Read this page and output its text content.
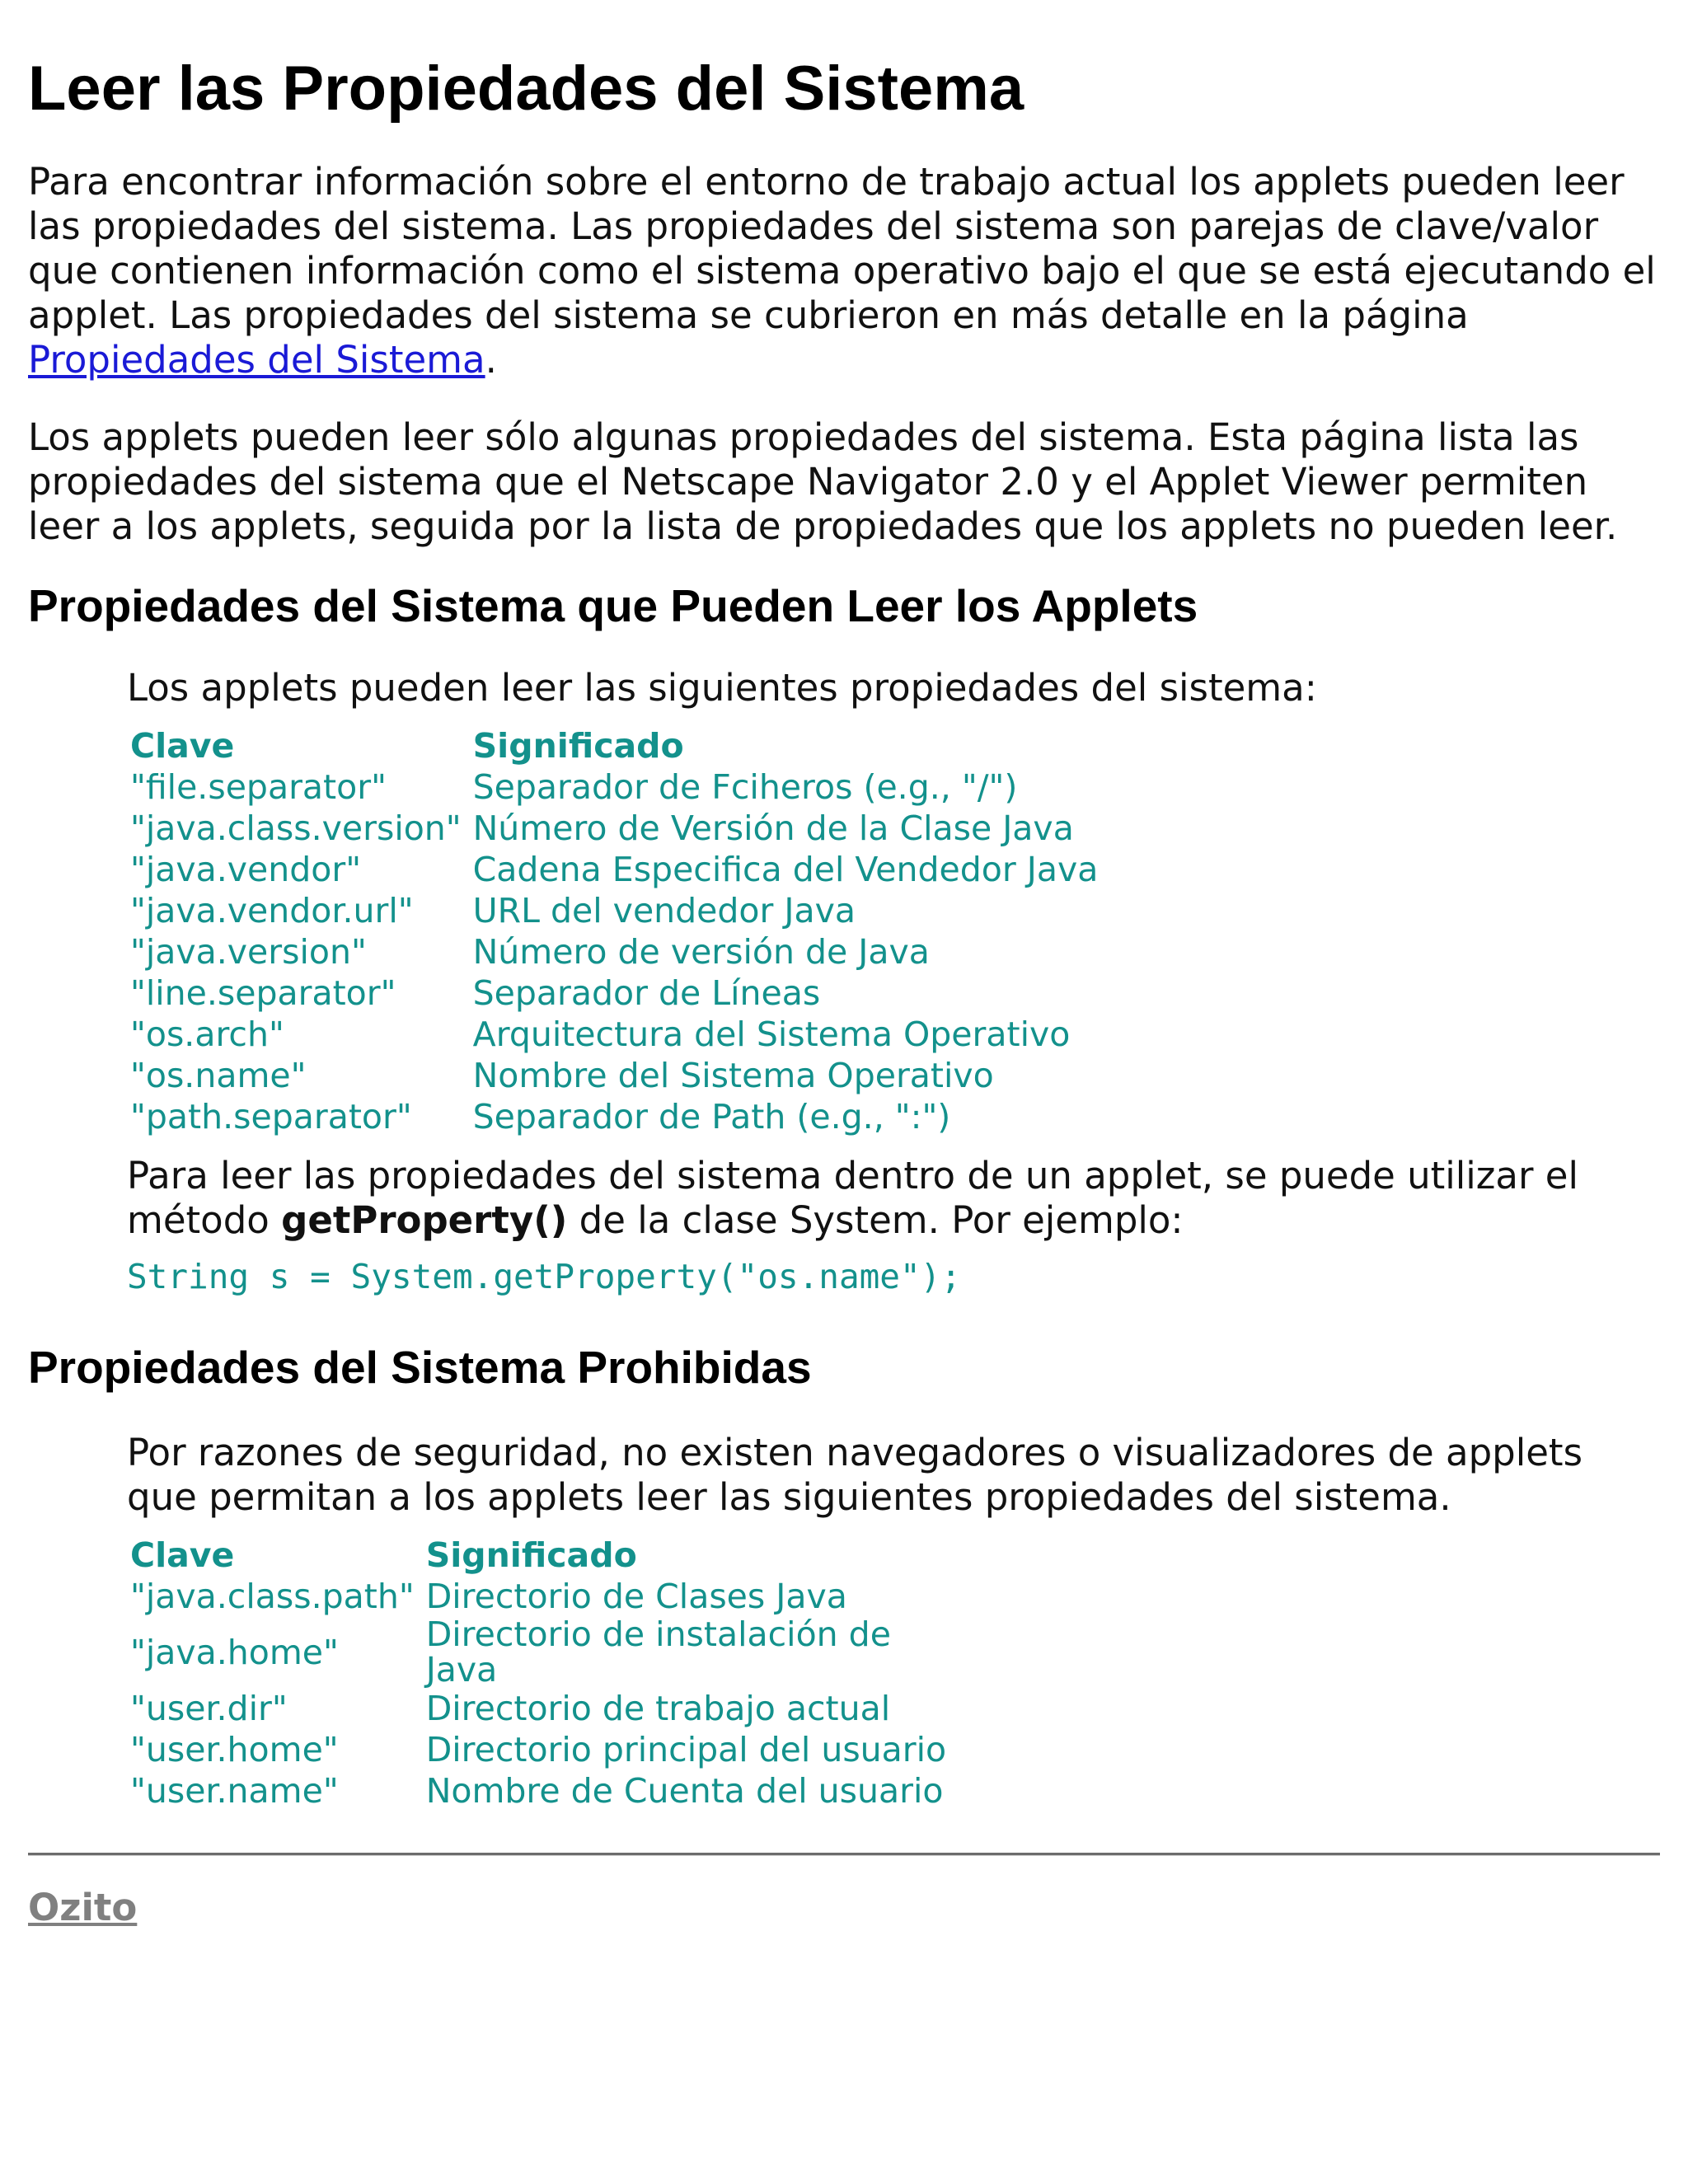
Leer las Propiedades del Sistema

Para encontrar información sobre el entorno de trabajo actual los applets pueden leer las propiedades del sistema. Las propiedades del sistema son parejas de clave/valor que contienen información como el sistema operativo bajo el que se está ejecutando el applet. Las propiedades del sistema se cubrieron en más detalle en la página Propiedades del Sistema.

Los applets pueden leer sólo algunas propiedades del sistema. Esta página lista las propiedades del sistema que el Netscape Navigator 2.0 y el Applet Viewer permiten leer a los applets, seguida por la lista de propiedades que los applets no pueden leer.

Propiedades del Sistema que Pueden Leer los Applets

Los applets pueden leer las siguientes propiedades del sistema:

Clave	Significado
"file.separator"	Separador de Fciheros (e.g., "/")
"java.class.version"	Número de Versión de la Clase Java
"java.vendor"	Cadena Especifica del Vendedor Java
"java.vendor.url"	URL del vendedor Java
"java.version"	Número de versión de Java
"line.separator"	Separador de Líneas
"os.arch"	Arquitectura del Sistema Operativo
"os.name"	Nombre del Sistema Operativo
"path.separator"	Separador de Path (e.g., ":")

Para leer las propiedades del sistema dentro de un applet, se puede utilizar el método getProperty() de la clase System. Por ejemplo:

String s = System.getProperty("os.name");
Propiedades del Sistema Prohibidas

Por razones de seguridad, no existen navegadores o visualizadores de applets que permitan a los applets leer las siguientes propiedades del sistema.

Clave	Significado
"java.class.path"	Directorio de Clases Java
"java.home"	Directorio de instalación de Java
"user.dir"	Directorio de trabajo actual
"user.home"	Directorio principal del usuario
"user.name"	Nombre de Cuenta del usuario
Ozito
